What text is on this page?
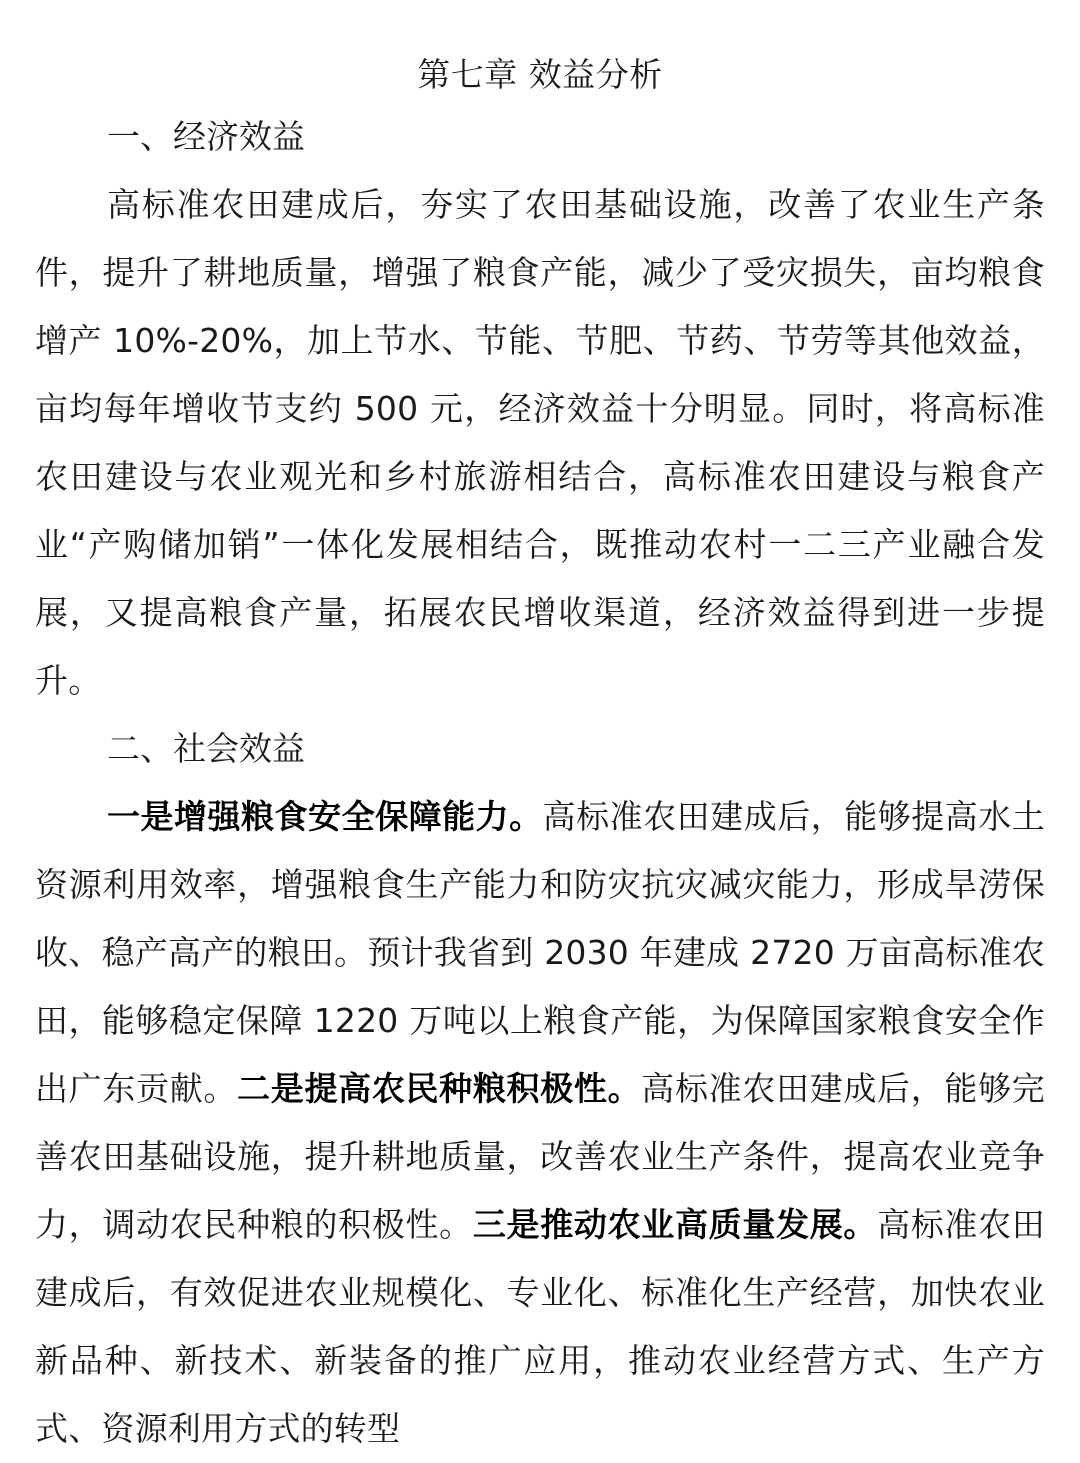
第七章 效益分析
一、经济效益

高标准农田建成后，夯实了农田基础设施，改善了农业生产条件，提升了耕地质量，增强了粮食产能，减少了受灾损失，亩均粮食增产 10%-20%，加上节水、节能、节肥、节药、节劳等其他效益，亩均每年增收节支约 500 元，经济效益十分明显。同时，将高标准农田建设与农业观光和乡村旅游相结合，高标准农田建设与粮食产业“产购储加销”一体化发展相结合，既推动农村一二三产业融合发展，又提高粮食产量，拓展农民增收渠道，经济效益得到进一步提升。

二、社会效益

一是增强粮食安全保障能力。高标准农田建成后，能够提高水土资源利用效率，增强粮食生产能力和防灾抗灾减灾能力，形成旱涝保收、稳产高产的粮田。预计我省到 2030 年建成 2720 万亩高标准农田，能够稳定保障 1220 万吨以上粮食产能，为保障国家粮食安全作出广东贡献。二是提高农民种粮积极性。高标准农田建成后，能够完善农田基础设施，提升耕地质量，改善农业生产条件，提高农业竞争力，调动农民种粮的积极性。三是推动农业高质量发展。高标准农田建成后，有效促进农业规模化、专业化、标准化生产经营，加快农业新品种、新技术、新装备的推广应用，推动农业经营方式、生产方式、资源利用方式的转型
